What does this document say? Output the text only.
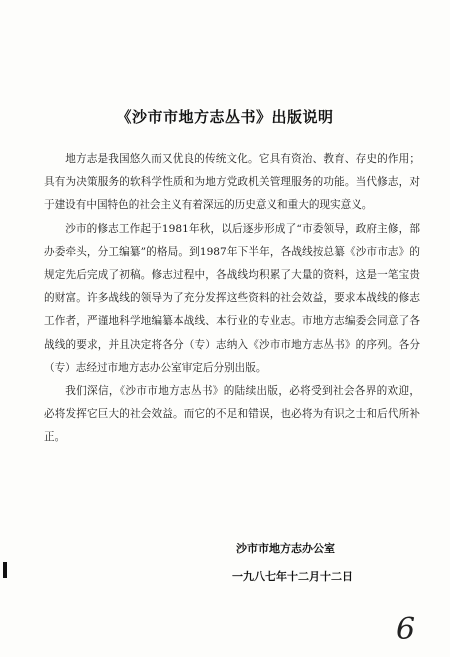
《沙市市地方志丛书》出版说明

地方志是我国悠久而又优良的传统文化。它具有资治、教育、存史的作用；具有为决策服务的软科学性质和为地方党政机关管理服务的功能。当代修志，对于建设有中国特色的社会主义有着深远的历史意义和重大的现实意义。

沙市的修志工作起于1981年秋，以后逐步形成了“市委领导，政府主修，部办委牵头，分工编纂”的格局。到1987年下半年，各战线按总纂《沙市市志》的规定先后完成了初稿。修志过程中，各战线均积累了大量的资料，这是一笔宝贵的财富。许多战线的领导为了充分发挥这些资料的社会效益，要求本战线的修志工作者，严谨地科学地编纂本战线、本行业的专业志。市地方志编委会同意了各战线的要求，并且决定将各分（专）志纳入《沙市市地方志丛书》的序列。各分（专）志经过市地方志办公室审定后分别出版。

我们深信，《沙市市地方志丛书》的陆续出版，必将受到社会各界的欢迎，必将发挥它巨大的社会效益。而它的不足和错误，也必将为有识之士和后代所补正。

沙市市地方志办公室
一九八七年十二月十二日
6
